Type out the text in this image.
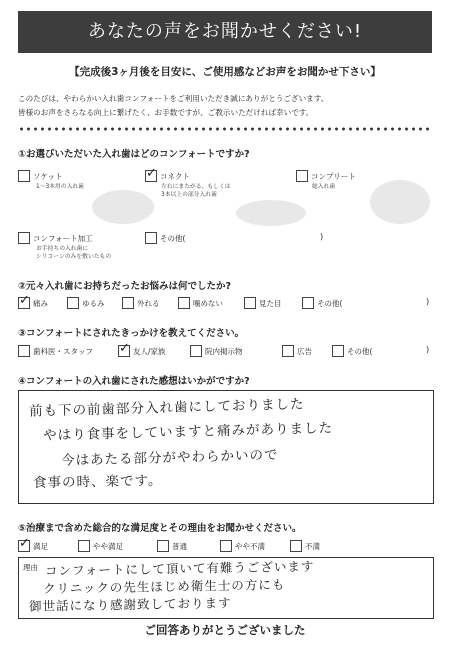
あなたの声をお聞かせください!
【完成後3ヶ月後を目安に、ご使用感などお声をお聞かせ下さい】
このたびは、やわらかい入れ歯コンフォートをご利用いただき誠にありがとうございます。
皆様のお声をさらなる向上に繋げたく、お手数ですが、ご教示いただければ幸いです。
①お選びいただいた入れ歯はどのコンフォートですか?
ソケット
1〜3本用の入れ歯
✓
コネクト
左右にまたがる、もしくは
3本以上の部分入れ歯
コンプリート
総入れ歯
コンフォート加工
お手持ちの入れ歯に
シリコーンのみを敷いたもの
その他(	)
②元々入れ歯にお持ちだったお悩みは何でしたか?
✓
痛み	ゆるみ	外れる	噛めない	見た目	その他(	)
③コンフォートにされたきっかけを教えてください。
歯科医・スタッフ
✓	友人/家族	院内掲示物	広告	その他(	)
④コンフォートの入れ歯にされた感想はいかがですか?
前も下の前歯部分入れ歯にしておりました
やはり食事をしていますと痛みがありました
今はあたる部分がやわらかいので
食事の時、楽です。
⑤治療まで含めた総合的な満足度とその理由をお聞かせください。
✓
満足	やや満足	普通	やや不満	不満
理由 コンフォートにして頂いて有難うございます
クリニックの先生ほじめ衛生士の方にも
御世話になり感謝致しております
ご回答ありがとうございました
